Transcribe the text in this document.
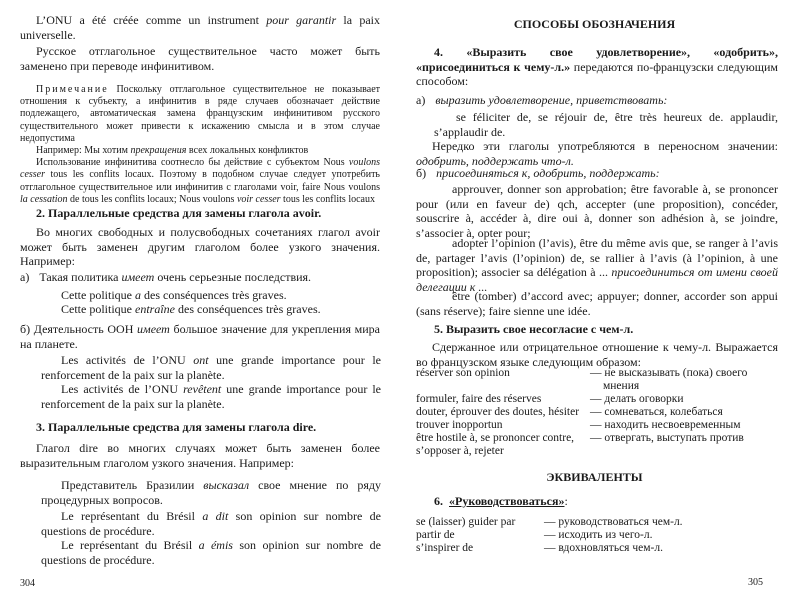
L’ONU a été créée comme un instrument pour garantir la paix universelle.

Русское отглагольное существительное часто может быть заменено при переводе инфинитивом.

Примечание Поскольку отглагольное существительное не показывает отношения к субъекту, а инфинитив в ряде случаев обозначает действие подлежащего, автоматическая замена французским инфинитивом русского существительного может привести к искажению смысла и в этом случае недопустима

Например: Мы хотим прекращения всех локальных конфликтов

Использование инфинитива соотнесло бы действие с субъектом Nous voulons cesser tous les conflits locaux. Поэтому в подобном случае следует употребить отглагольное существительное или инфинитив с глаголами voir, faire Nous voulons la cessation de tous les conflits locaux; Nous voulons voir cesser tous les conflits locaux

2. Параллельные средства для замены глагола avoir.

Во многих свободных и полусвободных сочетаниях глагол avoir может быть заменен другим глаголом более узкого значения. Например:

а) Такая политика имеет очень серьезные последствия.

Cette politique a des conséquences très graves.

Cette politique entraîne des conséquences très graves.

б) Деятельность ООН имеет большое значение для укрепления мира на планете.

Les activités de l’ONU ont une grande importance pour le renforcement de la paix sur la planète.

Les activités de l’ONU revêtent une grande importance pour le renforcement de la paix sur la planète.

3. Параллельные средства для замены глагола dire.

Глагол dire во многих случаях может быть заменен более выразительным глаголом узкого значения. Например:

Представитель Бразилии высказал свое мнение по ряду процедурных вопросов.

Le représentant du Brésil a dit son opinion sur nombre de questions de procédure.

Le représentant du Brésil a émis son opinion sur nombre de questions de procédure.

304

СПОСОБЫ ОБОЗНАЧЕНИЯ

4. «Выразить свое удовлетворение», «одобрить», «присоединиться к чему-л.» передаются по-французски следующим способом:

а) выразить удовлетворение, приветствовать:

se féliciter de, se réjouir de, être très heureux de. applaudir, s’applaudir de.

Нередко эти глаголы употребляются в переносном значении: одобрить, поддержать что-л.

б) присоединяться к, одобрить, поддержать:

approuver, donner son approbation; être favorable à, se prononcer pour (или en faveur de) qch, accepter (une proposition), concéder, souscrire à, accéder à, dire oui à, donner son adhésion à, se joindre, s’associer à, opter pour;

adopter l’opinion (l’avis), être du même avis que, se ranger à l’avis de, partager l’avis (l’opinion) de, se rallier à l’avis (à l’opinion, à une proposition); associer sa délégation à ... присоединиться от имени своей делегации к ...

être (tomber) d’accord avec; appuyer; donner, accorder son appui (sans réserve); faire sienne une idée.

5. Выразить свое несогласие с чем-л.

Сдержанное или отрицательное отношение к чему-л. Выражается во французском языке следующим образом:

réserver son opinion	— не высказывать (пока) своего
мнения
formuler, faire des réserves	— делать оговорки
douter, éprouver des doutes, hésiter — сомневаться, колебаться
trouver inopportun	— находить несвоевременным
être hostile à, se prononcer contre, — отвергать, выступать против
s’opposer à, rejeter

ЭКВИВАЛЕНТЫ

6. «Руководствоваться»:

se (laisser) guider par — руководствоваться чем-л.
partir de	— исходить из чего-л.
s’inspirer de	— вдохновляться чем-л.
305
